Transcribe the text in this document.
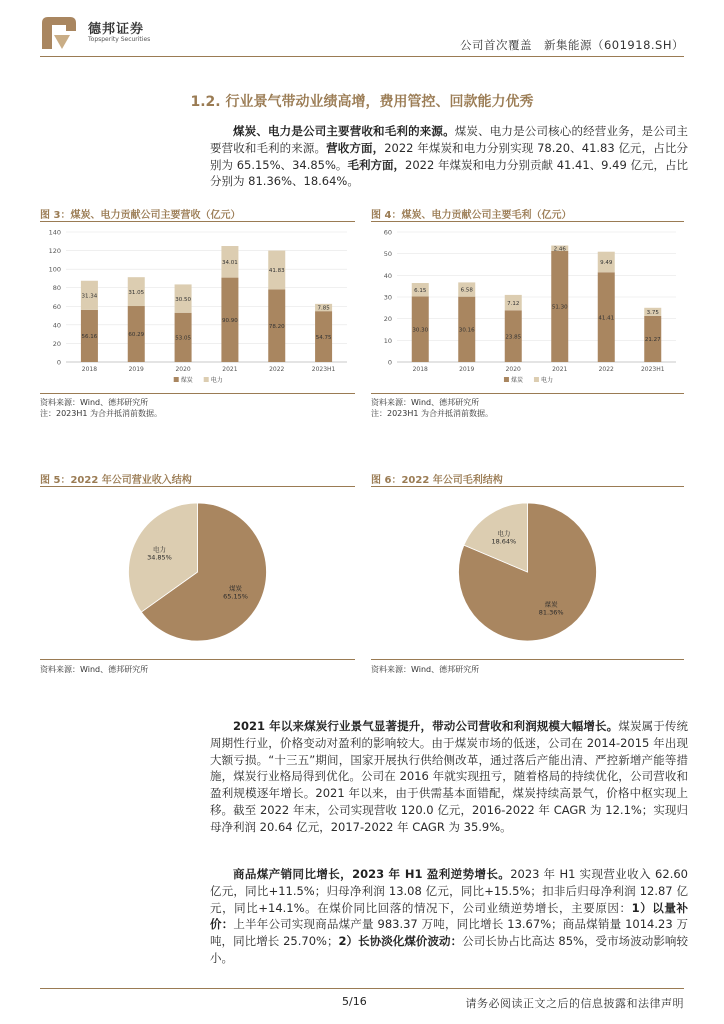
德邦证券
Topsperity Securities	公司首次覆盖　新集能源（601918.SH）
1.2. 行业景气带动业绩高增，费用管控、回款能力优秀
煤炭、电力是公司主要营收和毛利的来源。煤炭、电力是公司核心的经营业务，是公司主要营收和毛利的来源。营收方面，2022 年煤炭和电力分别实现 78.20、41.83 亿元，占比分别为 65.15%、34.85%。毛利方面，2022 年煤炭和电力分别贡献 41.41、9.49 亿元，占比分别为 81.36%、18.64%。
图 3：煤炭、电力贡献公司主要营收（亿元）
0
20
40
60
80
100
120
140
56.16
31.34
2018
60.29
31.05
2019
53.05
30.50
2020
90.90
34.01
2021
78.20
41.83
2022
54.75
7.85
2023H1
煤炭	电力
资料来源：Wind、德邦研究所
注：2023H1 为合并抵消前数据。
图 4：煤炭、电力贡献公司主要毛利（亿元）
0
10
20
30
40
50
60
30.30
6.15
2018
30.16
6.58
2019
23.85
7.12
2020
51.30
2.46
2021
41.41
9.49
2022
21.27
3.75
2023H1
煤炭	电力
资料来源：Wind、德邦研究所
注：2023H1 为合并抵消前数据。
图 5：2022 年公司营业收入结构
煤炭
65.15%
电力
34.85%
资料来源：Wind、德邦研究所
图 6：2022 年公司毛利结构
煤炭
81.36%
电力
18.64%
资料来源：Wind、德邦研究所
2021 年以来煤炭行业景气显著提升，带动公司营收和利润规模大幅增长。煤炭属于传统周期性行业，价格变动对盈利的影响较大。由于煤炭市场的低迷，公司在 2014-2015 年出现大额亏损。“十三五”期间，国家开展执行供给侧改革，通过落后产能出清、严控新增产能等措施，煤炭行业格局得到优化。公司在 2016 年就实现扭亏，随着格局的持续优化，公司营收和盈利规模逐年增长。2021 年以来，由于供需基本面错配，煤炭持续高景气，价格中枢实现上移。截至 2022 年末，公司实现营收 120.0 亿元，2016-2022 年 CAGR 为 12.1%；实现归母净利润 20.64 亿元，2017-2022 年 CAGR 为 35.9%。
商品煤产销同比增长，2023 年 H1 盈利逆势增长。2023 年 H1 实现营业收入 62.60 亿元，同比+11.5%；归母净利润 13.08 亿元，同比+15.5%；扣非后归母净利润 12.87 亿元，同比+14.1%。在煤价同比回落的情况下，公司业绩逆势增长，主要原因：1）以量补价：上半年公司实现商品煤产量 983.37 万吨，同比增长 13.67%；商品煤销量 1014.23 万吨，同比增长 25.70%；2）长协淡化煤价波动：公司长协占比高达 85%，受市场波动影响较小。
5/16	请务必阅读正文之后的信息披露和法律声明
